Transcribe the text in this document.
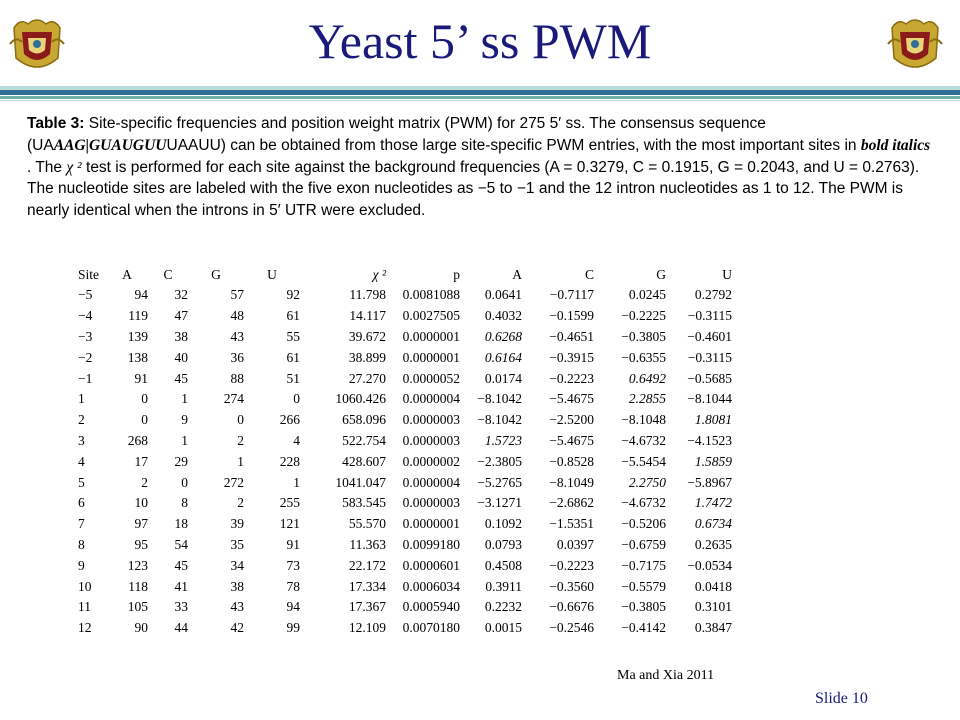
Yeast 5’ ss PWM
Table 3: Site-specific frequencies and position weight matrix (PWM) for 275 5′ ss. The consensus sequence (UAAAG|GUAUGUUUAAUU) can be obtained from those large site-specific PWM entries, with the most important sites in bold italics . The χ ² test is performed for each site against the background frequencies (A = 0.3279, C = 0.1915, G = 0.2043, and U = 0.2763). The nucleotide sites are labeled with the five exon nucleotides as −5 to −1 and the 12 intron nucleotides as 1 to 12. The PWM is nearly identical when the introns in 5′ UTR were excluded.
Site	A	C	G	U	χ ²	p	A	C	G	U
−5	94	32	57	92	11.798	0.0081088	0.0641	−0.7117	0.0245	0.2792
−4	119	47	48	61	14.117	0.0027505	0.4032	−0.1599	−0.2225	−0.3115
−3	139	38	43	55	39.672	0.0000001	0.6268	−0.4651	−0.3805	−0.4601
−2	138	40	36	61	38.899	0.0000001	0.6164	−0.3915	−0.6355	−0.3115
−1	91	45	88	51	27.270	0.0000052	0.0174	−0.2223	0.6492	−0.5685
1	0	1	274	0	1060.426	0.0000004	−8.1042	−5.4675	2.2855	−8.1044
2	0	9	0	266	658.096	0.0000003	−8.1042	−2.5200	−8.1048	1.8081
3	268	1	2	4	522.754	0.0000003	1.5723	−5.4675	−4.6732	−4.1523
4	17	29	1	228	428.607	0.0000002	−2.3805	−0.8528	−5.5454	1.5859
5	2	0	272	1	1041.047	0.0000004	−5.2765	−8.1049	2.2750	−5.8967
6	10	8	2	255	583.545	0.0000003	−3.1271	−2.6862	−4.6732	1.7472
7	97	18	39	121	55.570	0.0000001	0.1092	−1.5351	−0.5206	0.6734
8	95	54	35	91	11.363	0.0099180	0.0793	0.0397	−0.6759	0.2635
9	123	45	34	73	22.172	0.0000601	0.4508	−0.2223	−0.7175	−0.0534
10	118	41	38	78	17.334	0.0006034	0.3911	−0.3560	−0.5579	0.0418
11	105	33	43	94	17.367	0.0005940	0.2232	−0.6676	−0.3805	0.3101
12	90	44	42	99	12.109	0.0070180	0.0015	−0.2546	−0.4142	0.3847
Ma and Xia 2011
Slide 10
